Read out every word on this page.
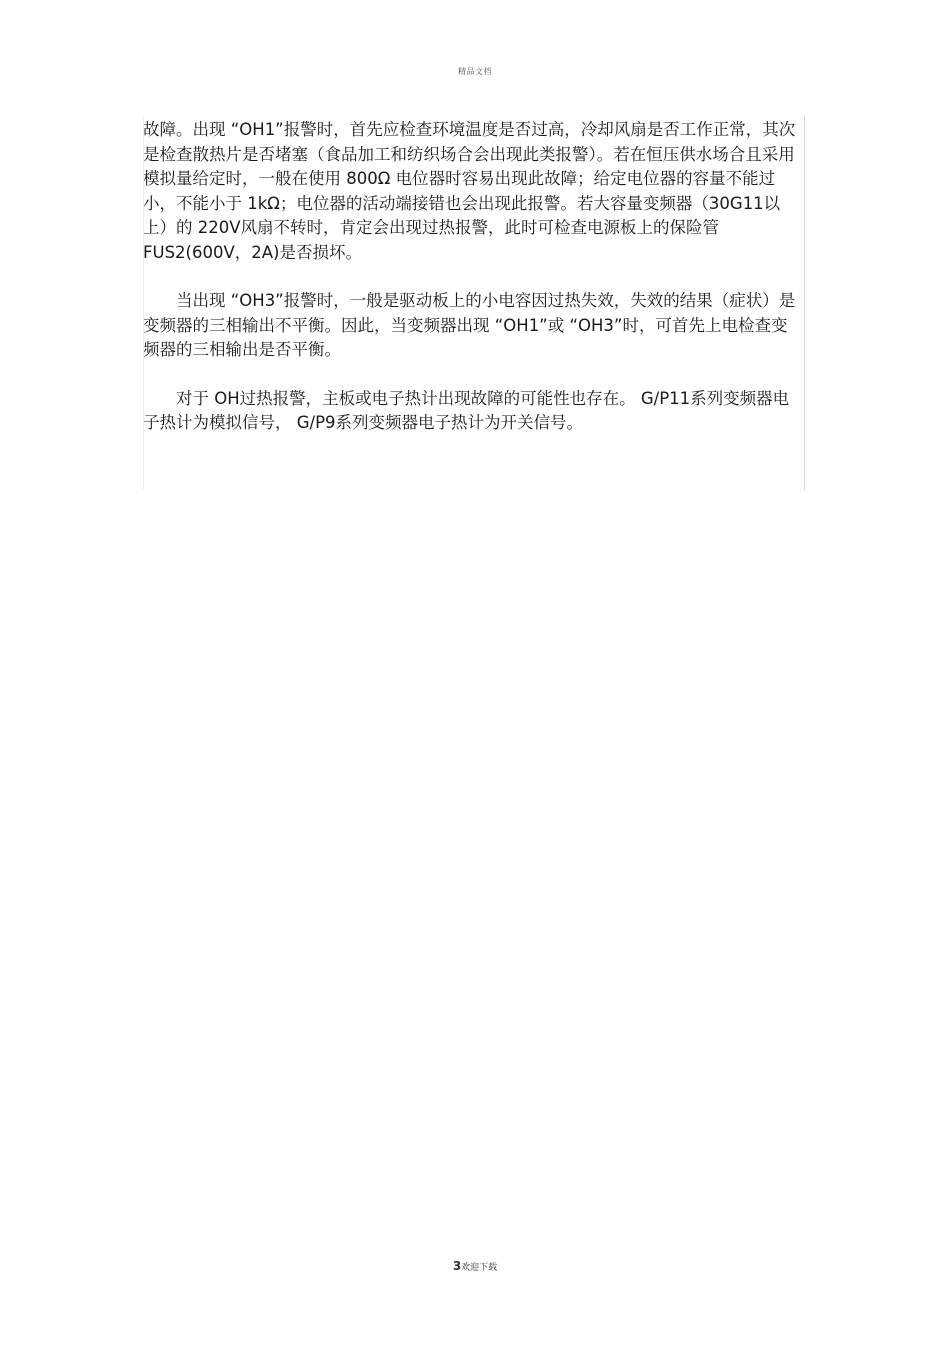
精品文档

故障。出现 “OH1”报警时，首先应检查环境温度是否过高，冷却风扇是否工作正常，其次是检查散热片是否堵塞（食品加工和纺织场合会出现此类报警）。若在恒压供水场合且采用模拟量给定时，一般在使用 800Ω 电位器时容易出现此故障；给定电位器的容量不能过小，不能小于 1kΩ；电位器的活动端接错也会出现此报警。若大容量变频器（30G11以上）的 220V风扇不转时，肯定会出现过热报警，此时可检查电源板上的保险管 FUS2(600V，2A)是否损坏。

当出现 “OH3”报警时，一般是驱动板上的小电容因过热失效，失效的结果（症状）是变频器的三相输出不平衡。因此，当变频器出现 “OH1”或 “OH3”时，可首先上电检查变频器的三相输出是否平衡。

对于 OH过热报警，主板或电子热计出现故障的可能性也存在。 G/P11系列变频器电子热计为模拟信号， G/P9系列变频器电子热计为开关信号。

3欢迎下载
